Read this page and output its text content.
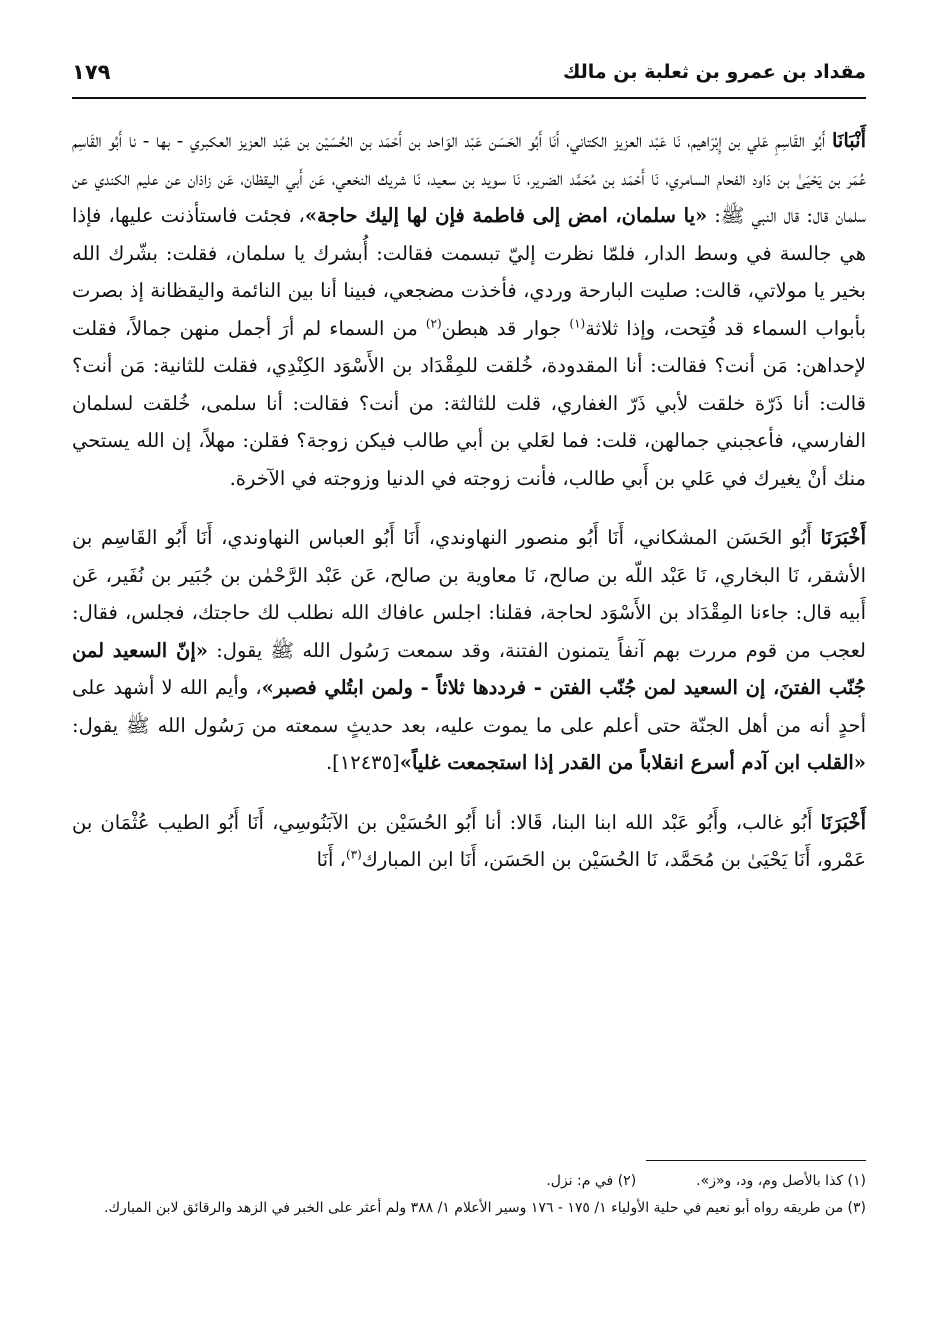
مقداد بن عمرو بن ثعلبة بن مالك
١٧٩

أَنْبَانَا أَبُو القَاسِمِ عَلي بن إِبْرَاهيم، نَا عَبْد العزيز الكتاني، أَنَا أَبُو الحَسَن عَبْد الوَاحد بن أَحْمَد بن الحُسَيْن بن عَبْد العزيز العكبري - بها - نا أَبُو القَاسِم عُمَر بن يَحْيَىٰ بن دَاود الفحام السامري، نَا أَحْمَد بن مُحَمَّد الضرير، نَا سويد بن سعيد، نَا شريك النخعي، عَن أَبي اليقظان، عَن زاذان عن عليم الكندي عن سلمان قال: قال النبي ﷺ: «يا سلمان، امض إلى فاطمة فإن لها إليك حاجة»، فجئت فاستأذنت عليها، فإذا هي جالسة في وسط الدار، فلمّا نظرت إليّ تبسمت فقالت: أُبشرك يا سلمان، فقلت: بشّرك الله بخير يا مولاتي، قالت: صليت البارحة وردي، فأخذت مضجعي، فبينا أنا بين النائمة واليقظانة إذ بصرت بأبواب السماء قد فُتِحت، وإذا ثلاثة$^{(١)}$ جوار قد هبطن$^{(٢)}$ من السماء لم أرَ أجمل منهن جمالاً، فقلت لإحداهن: مَن أنت؟ فقالت: أنا المقدودة، خُلقت للمِقْدَاد بن الأَسْوَد الكِنْدِي، فقلت للثانية: مَن أنت؟ قالت: أنا ذَرّة خلقت لأبي ذَرّ الغفاري، قلت للثالثة: من أنت؟ فقالت: أنا سلمى، خُلقت لسلمان الفارسي، فأعجبني جمالهن، قلت: فما لعَلي بن أبي طالب فيكن زوجة؟ فقلن: مهلاً، إن الله يستحي منك أنْ يغيرك في عَلي بن أَبي طالب، فأنت زوجته في الدنيا وزوجته في الآخرة.

أَخْبَرَنَا أَبُو الحَسَن المشكاني، أَنَا أَبُو منصور النهاوندي، أَنَا أَبُو العباس النهاوندي، أَنَا أَبُو القَاسِم بن الأشقر، نَا البخاري، نَا عَبْد اللّه بن صالح، نَا معاوية بن صالح، عَن عَبْد الرَّحْمٰن بن جُبَير بن نُفَير، عَن أَبيه قال: جاءنا المِقْدَاد بن الأَسْوَد لحاجة، فقلنا: اجلس عافاك الله نطلب لك حاجتك، فجلس، فقال: لعجب من قوم مررت بهم آنفاً يتمنون الفتنة، وقد سمعت رَسُول الله ﷺ يقول: «إنّ السعيد لمن جُنّب الفتنَ، إن السعيد لمن جُنّب الفتن - فرددها ثلاثاً - ولمن ابتُلي فصبر»، وأيم الله لا أشهد على أحدٍ أنه من أهل الجنّة حتى أعلم على ما يموت عليه، بعد حديثٍ سمعته من رَسُول الله ﷺ يقول: «القلب ابن آدم أسرع انقلاباً من القدر إذا استجمعت غلياً»[١٢٤٣٥].

أَخْبَرَنَا أَبُو غالب، وأَبُو عَبْد الله ابنا البنا، قَالا: أنا أَبُو الحُسَيْن بن الآبَنُوسِي، أَنَا أَبُو الطيب عُثْمَان بن عَمْرو، أَنَا يَحْيَىٰ بن مُحَمَّد، نَا الحُسَيْن بن الحَسَن، أَنَا ابن المبارك$^{(٣)}$، أَنَا

(١) كذا بالأصل وم، ود، و«ز».

(٢) في م: نزل.

(٣) من طريقه رواه أبو نعيم في حلية الأولياء ١/ ١٧٥ - ١٧٦ وسير الأعلام ١/ ٣٨٨ ولم أعثر على الخبر في الزهد والرقائق لابن المبارك.
